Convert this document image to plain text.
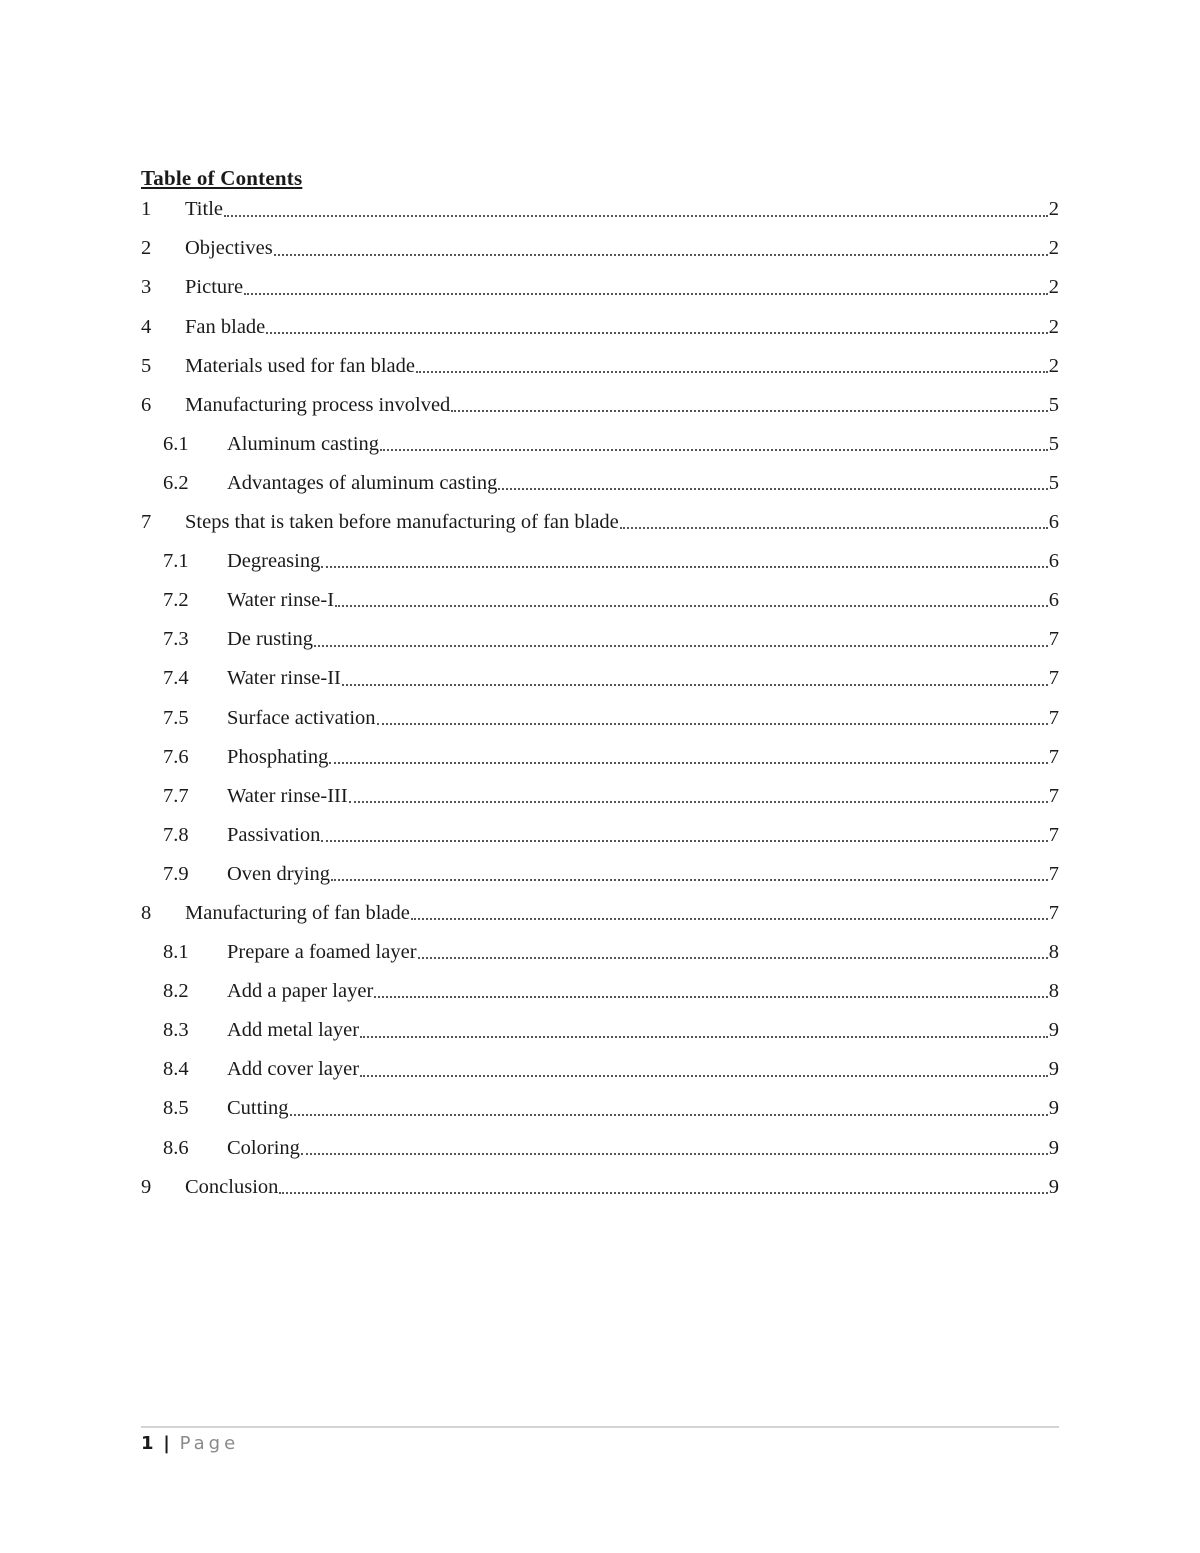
Table of Contents
1	Title	2
2	Objectives	2
3	Picture	2
4	Fan blade	2
5	Materials used for fan blade	2
6	Manufacturing process involved	5
6.1	Aluminum casting	5
6.2	Advantages of aluminum casting	5
7	Steps that is taken before manufacturing of fan blade	6
7.1	Degreasing	6
7.2	Water rinse-I	6
7.3	De rusting	7
7.4	Water rinse-II	7
7.5	Surface activation	7
7.6	Phosphating	7
7.7	Water rinse-III	7
7.8	Passivation	7
7.9	Oven drying	7
8	Manufacturing of fan blade	7
8.1	Prepare a foamed layer	8
8.2	Add a paper layer	8
8.3	Add metal layer	9
8.4	Add cover layer	9
8.5	Cutting	9
8.6	Coloring	9
9	Conclusion	9
1 | Page
